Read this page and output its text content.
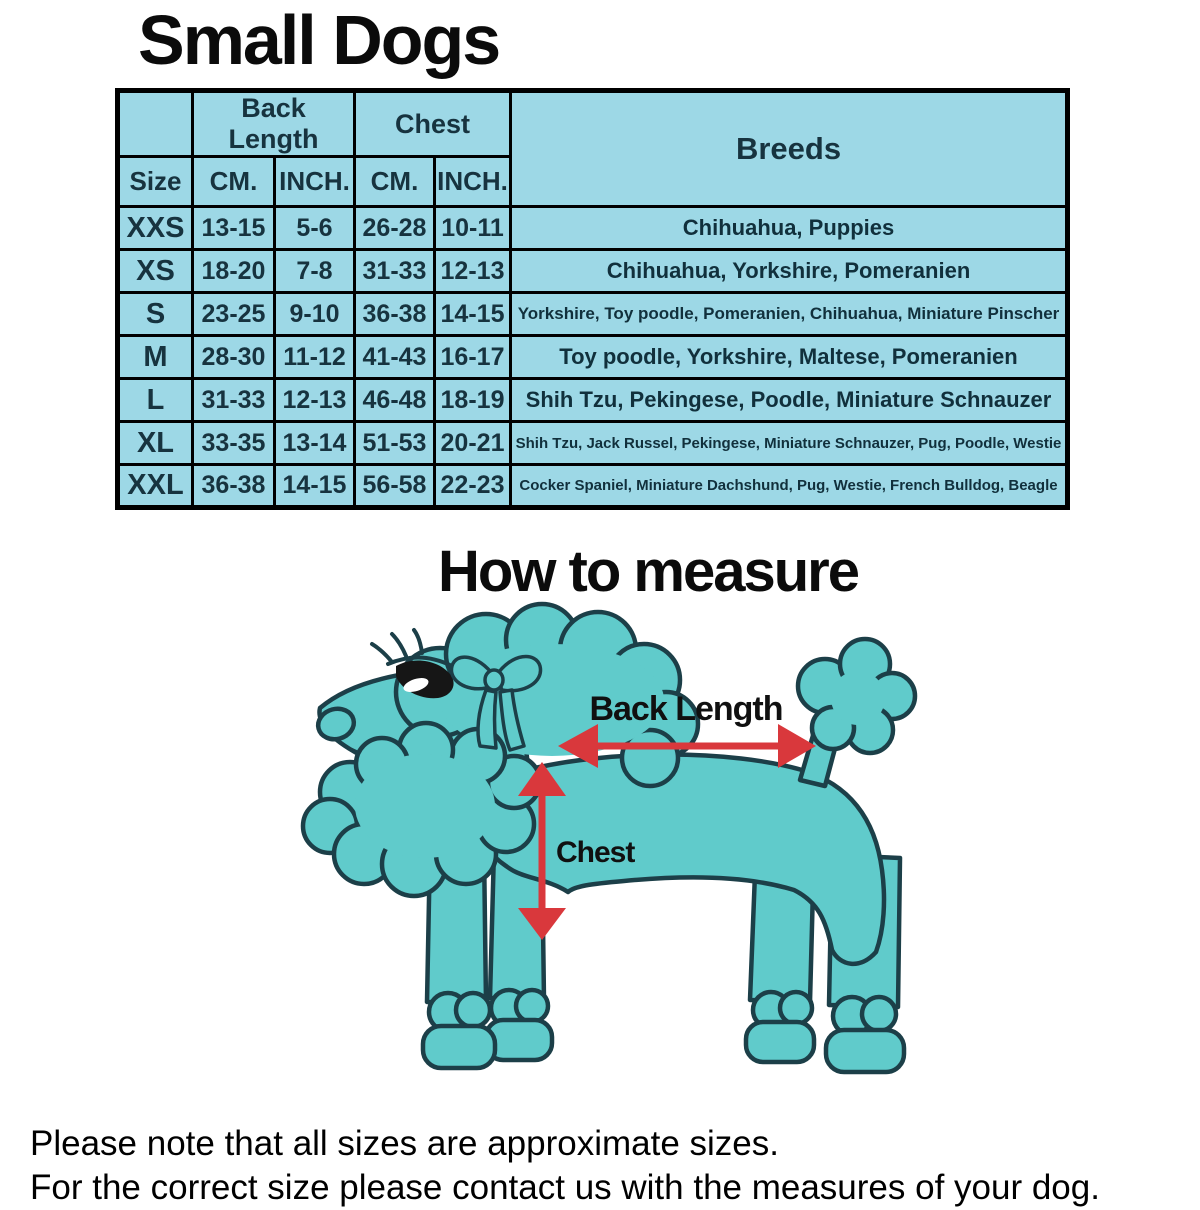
Small Dogs
	Back Length		Chest		Breeds
Size	CM.	INCH.	CM.	INCH.	
XXS	13-15	5-6	26-28	10-11	Chihuahua, Puppies

XS	18-20	7-8	31-33	12-13	Chihuahua, Yorkshire, Pomeranien

S	23-25	9-10	36-38	14-15	Yorkshire, Toy poodle, Pomeranien, Chihuahua, Miniature Pinscher

M	28-30	11-12	41-43	16-17	Toy poodle, Yorkshire, Maltese, Pomeranien

L	31-33	12-13	46-48	18-19	Shih Tzu, Pekingese, Poodle, Miniature Schnauzer

XL	33-35	13-14	51-53	20-21	Shih Tzu, Jack Russel, Pekingese, Miniature Schnauzer, Pug, Poodle, Westie

XXL	36-38	14-15	56-58	22-23	Cocker Spaniel, Miniature Dachshund, Pug, Westie, French Bulldog, Beagle
How to measure
Back Length
Chest
Please note that all sizes are approximate sizes.
For the correct size please contact us with the measures of your dog.
